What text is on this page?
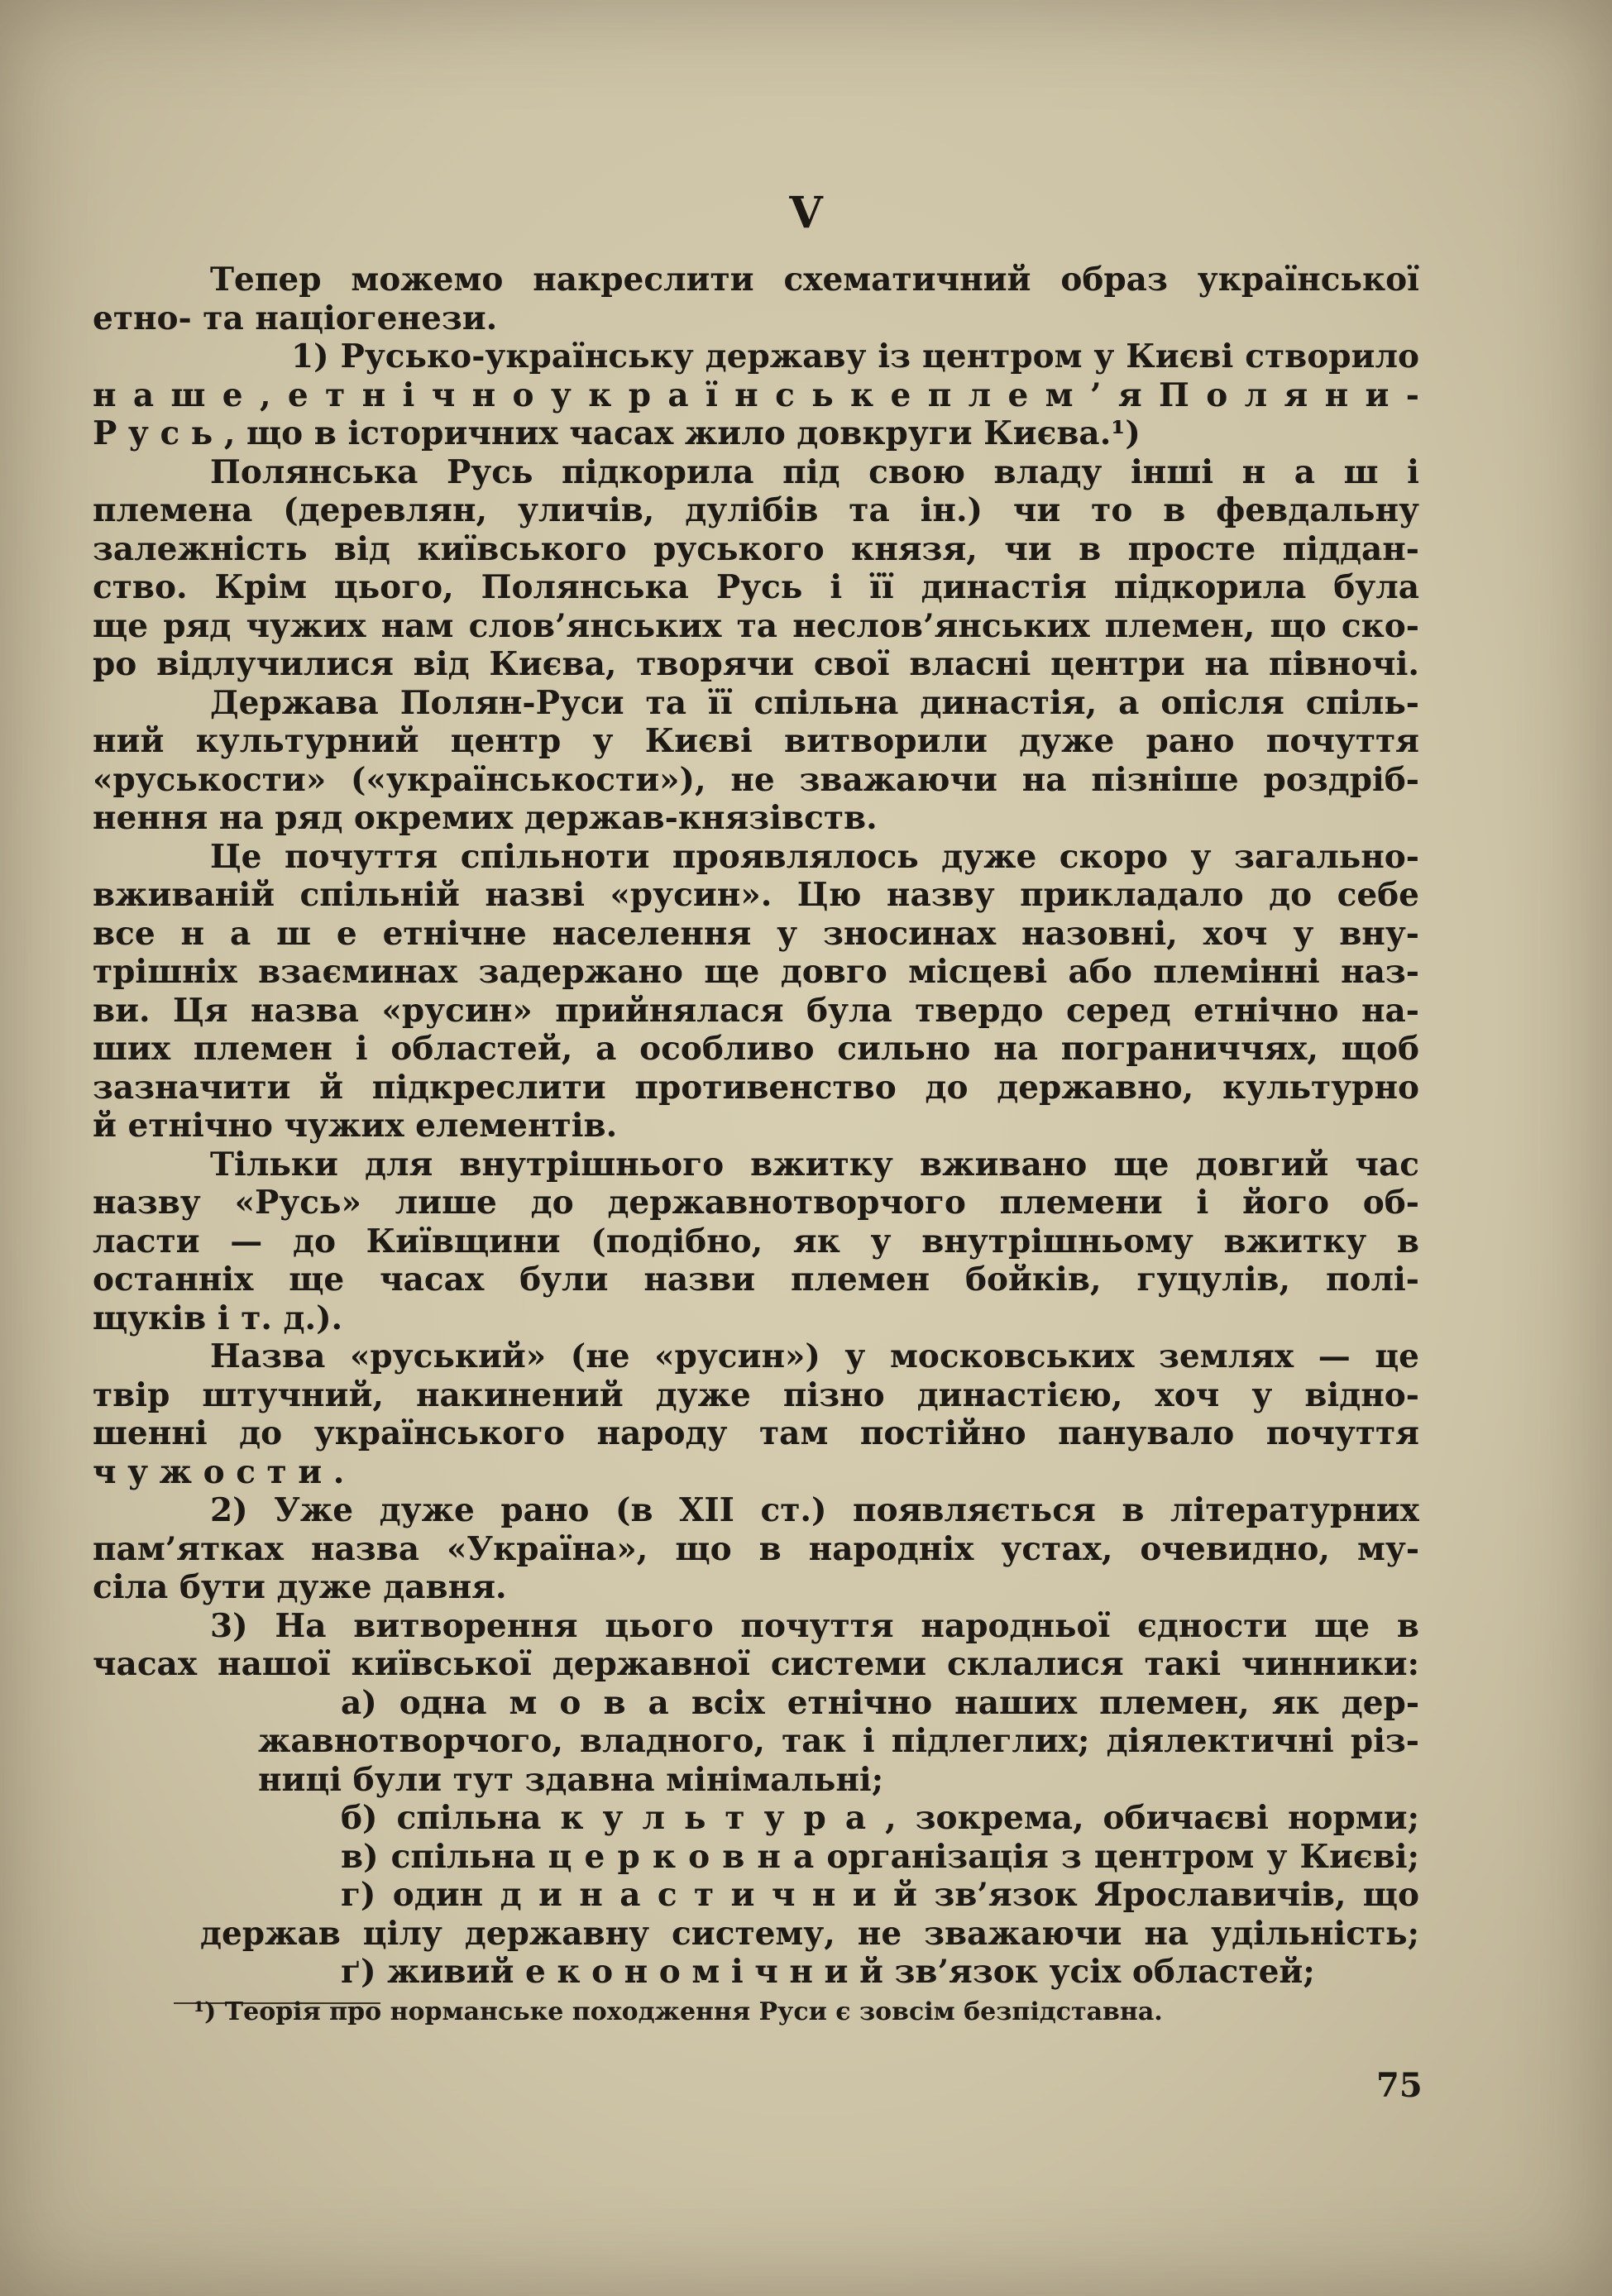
V
Тепер можемо накреслити схематичний образ української
етно- та націогенези.
1) Русько-українську державу із центром у Києві створило
н а ш е , е т н і ч н о у к р а ї н с ь к е п л е м ’ я П о л я н и -
Р у с ь , що в історичних часах жило довкруги Києва.¹)
Полянська Русь підкорила під свою владу інші н а ш і
племена (деревлян, уличів, дулібів та ін.) чи то в февдальну
залежність від київського руського князя, чи в просте піддан-
ство. Крім цього, Полянська Русь і її династія підкорила була
ще ряд чужих нам слов’янських та неслов’янських племен, що ско-
ро відлучилися від Києва, творячи свої власні центри на півночі.
Держава Полян-Руси та її спільна династія, а опісля спіль-
ний культурний центр у Києві витворили дуже рано почуття
«руськости» («українськости»), не зважаючи на пізніше роздріб-
нення на ряд окремих держав-князівств.
Це почуття спільноти проявлялось дуже скоро у загально-
вживаній спільній назві «русин». Цю назву прикладало до себе
все н а ш е етнічне населення у зносинах назовні, хоч у вну-
трішніх взаєминах задержано ще довго місцеві або племінні наз-
ви. Ця назва «русин» прийнялася була твердо серед етнічно на-
ших племен і областей, а особливо сильно на пограниччях, щоб
зазначити й підкреслити противенство до державно, культурно
й етнічно чужих елементів.
Тільки для внутрішнього вжитку вживано ще довгий час
назву «Русь» лише до державнотворчого племени і його об-
ласти — до Київщини (подібно, як у внутрішньому вжитку в
останніх ще часах були назви племен бойків, гуцулів, полі-
щуків і т. д.).
Назва «руський» (не «русин») у московських землях — це
твір штучний, накинений дуже пізно династією, хоч у відно-
шенні до українського народу там постійно панувало почуття
ч у ж о с т и .
2) Уже дуже рано (в XII ст.) появляється в літературних
пам’ятках назва «Україна», що в народніх устах, очевидно, му-
сіла бути дуже давня.
3) На витворення цього почуття народньої єдности ще в
часах нашої київської державної системи склалися такі чинники:
а) одна м о в а всіх етнічно наших племен, як дер-
жавнотворчого, владного, так і підлеглих; діялектичні різ-
ниці були тут здавна мінімальні;
б) спільна к у л ь т у р а , зокрема, обичаєві норми;
в) спільна ц е р к о в н а організація з центром у Києві;
г) один д и н а с т и ч н и й зв’язок Ярославичів, що
держав цілу державну систему, не зважаючи на удільність;
ґ) живий е к о н о м і ч н и й зв’язок усіх областей;
¹) Теорія про норманське походження Руси є зовсім безпідставна.
75
